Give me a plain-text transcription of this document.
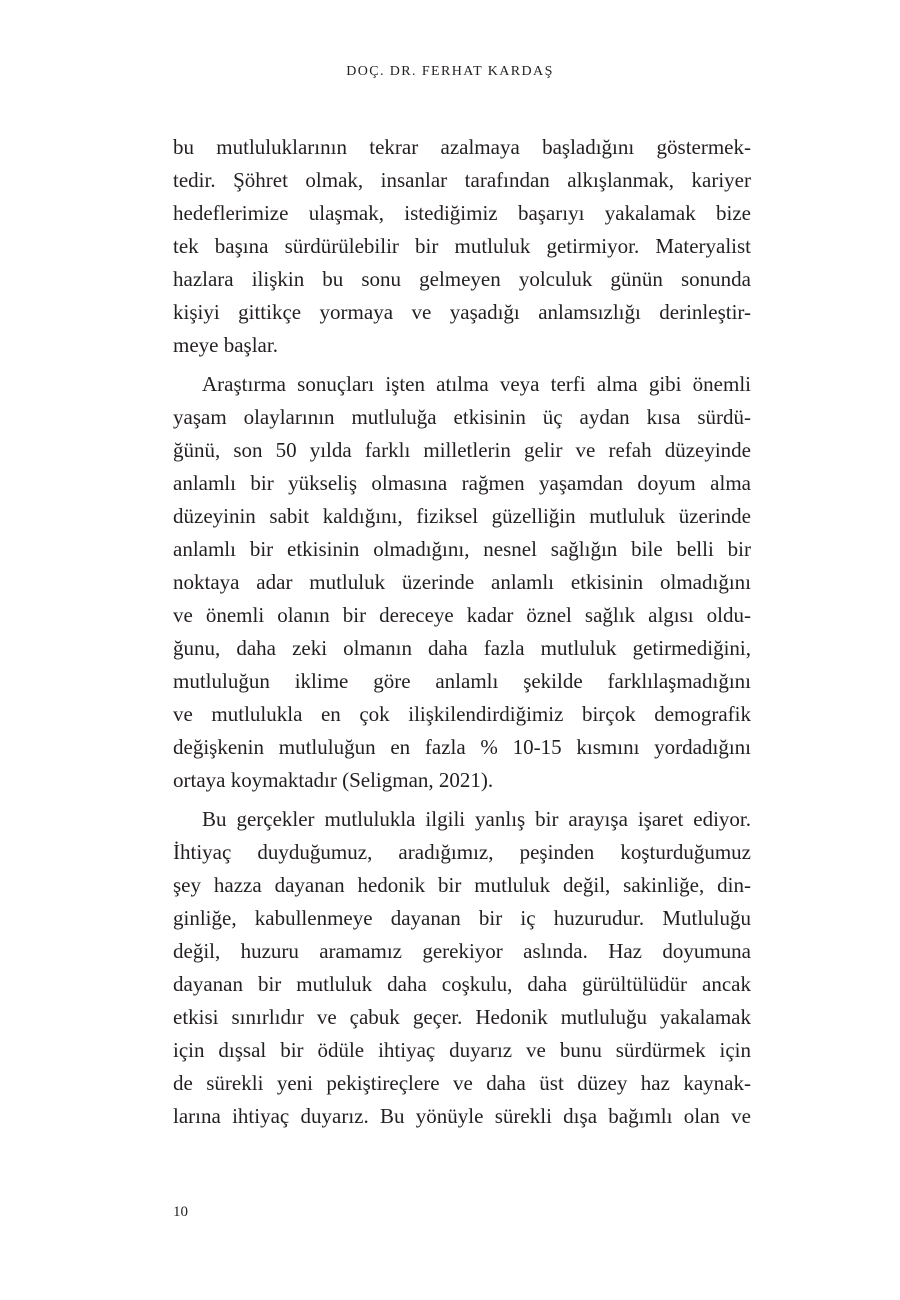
DOÇ. DR. FERHAT KARDAŞ
bu mutluluklarının tekrar azalmaya başladığını göstermek-
tedir. Şöhret olmak, insanlar tarafından alkışlanmak, kariyer
hedeflerimize ulaşmak, istediğimiz başarıyı yakalamak bize
tek başına sürdürülebilir bir mutluluk getirmiyor. Materyalist
hazlara ilişkin bu sonu gelmeyen yolculuk günün sonunda
kişiyi gittikçe yormaya ve yaşadığı anlamsızlığı derinleştir-
meye başlar.
Araştırma sonuçları işten atılma veya terfi alma gibi önemli
yaşam olaylarının mutluluğa etkisinin üç aydan kısa sürdü-
ğünü, son 50 yılda farklı milletlerin gelir ve refah düzeyinde
anlamlı bir yükseliş olmasına rağmen yaşamdan doyum alma
düzeyinin sabit kaldığını, fiziksel güzelliğin mutluluk üzerinde
anlamlı bir etkisinin olmadığını, nesnel sağlığın bile belli bir
noktaya adar mutluluk üzerinde anlamlı etkisinin olmadığını
ve önemli olanın bir dereceye kadar öznel sağlık algısı oldu-
ğunu, daha zeki olmanın daha fazla mutluluk getirmediğini,
mutluluğun iklime göre anlamlı şekilde farklılaşmadığını
ve mutlulukla en çok ilişkilendirdiğimiz birçok demografik
değişkenin mutluluğun en fazla % 10-15 kısmını yordadığını
ortaya koymaktadır (Seligman, 2021).
Bu gerçekler mutlulukla ilgili yanlış bir arayışa işaret ediyor.
İhtiyaç duyduğumuz, aradığımız, peşinden koşturduğumuz
şey hazza dayanan hedonik bir mutluluk değil, sakinliğe, din-
ginliğe, kabullenmeye dayanan bir iç huzurudur. Mutluluğu
değil, huzuru aramamız gerekiyor aslında. Haz doyumuna
dayanan bir mutluluk daha coşkulu, daha gürültülüdür ancak
etkisi sınırlıdır ve çabuk geçer. Hedonik mutluluğu yakalamak
için dışsal bir ödüle ihtiyaç duyarız ve bunu sürdürmek için
de sürekli yeni pekiştireçlere ve daha üst düzey haz kaynak-
larına ihtiyaç duyarız. Bu yönüyle sürekli dışa bağımlı olan ve
10
